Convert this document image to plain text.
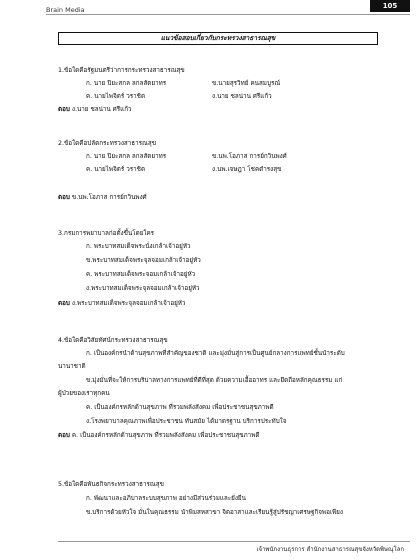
Brain Media	105
แนวข้อสอบเกี่ยวกับกระทรวงสาธารณสุข
1.ข้อใดคือรัฐมนตรีว่าการกระทรวงสาธารณสุข
ก. นาย ปิยะสกล ลกลสัตยาทร	ข.นายสุรวิทย์ คนสมบูรณ์
ค. นายไพจิตร์ วราชิต	ง.นาย ชลน่าน ศรีแก้ว
ตอบ ง.นาย ชลน่าน ศรีแก้ว
2.ข้อใดคือปลัดกระทรวงสาธารณสุข
ก. นาย ปิยะสกล ลกลสัตยาทร	ข.นพ.โอภาส การย์กวินพงศ์
ค. นายไพจิตร์ วราชิต	ง.นพ.เจษฎา โชคดำรงสุข
ตอบ ข.นพ.โอภาส การย์กวินพงศ์
3.กรมการพยาบาลก่อตั้งขึ้นโดยใคร
ก. พระบาทสมเด็จพระนั่งเกล้าเจ้าอยู่หัว
ข.พระบาทสมเด็จพระจุลจอมเกล้าเจ้าอยู่หัว
ค. พระบาทสมเด็จพระจอมเกล้าเจ้าอยู่หัว
ง.พระบาทสมเด็จพระจุลจอมเกล้าเจ้าอยู่หัว
ตอบ ง.พระบาทสมเด็จพระจุลจอมเกล้าเจ้าอยู่หัว
4.ข้อใดคือวิสัยทัศน์กระทรวงสาธารณสุข
ก. เป็นองค์กรนำด้านสุขภาพที่สำคัญของชาติ และมุ่งมั่นสู่การเป็นศูนย์กลางการแพทย์ชั้นนำระดับ
นานาชาติ
ข.มุ่งมั่นที่จะให้การบริบาลทางการแพทย์ที่ดีที่สุด ด้วยความเอื้ออาทร และยึดถือหลักคุณธรรม แก่
ผู้ป่วยของเราทุกคน
ค. เป็นองค์กรหลักด้านสุขภาพ ที่รวมพลังสังคม เพื่อประชาชนสุขภาพดี
ง.โรงพยาบาลคุณภาพเพื่อประชาชน ทันสมัย ได้มาตรฐาน บริการประทับใจ
ตอบ ค. เป็นองค์กรหลักด้านสุขภาพ ที่รวมพลังสังคม เพื่อประชาชนสุขภาพดี
5.ข้อใดคือพันธกิจกระทรวงสาธารณสุข
ก. พัฒนาและอภิบาลระบบสุขภาพ อย่างมีส่วนร่วมและยั่งยืน
ข.บริการด้วยหัวใจ มั่นในคุณธรรม นำพิมสหสาขา จิตอาสาและเรียนรู้สู่ปรัชญาเศรษฐกิจพอเพียง
เจ้าพนักงานธุรการ สำนักงานสาธารณสุขจังหวัดพิษณุโลก
